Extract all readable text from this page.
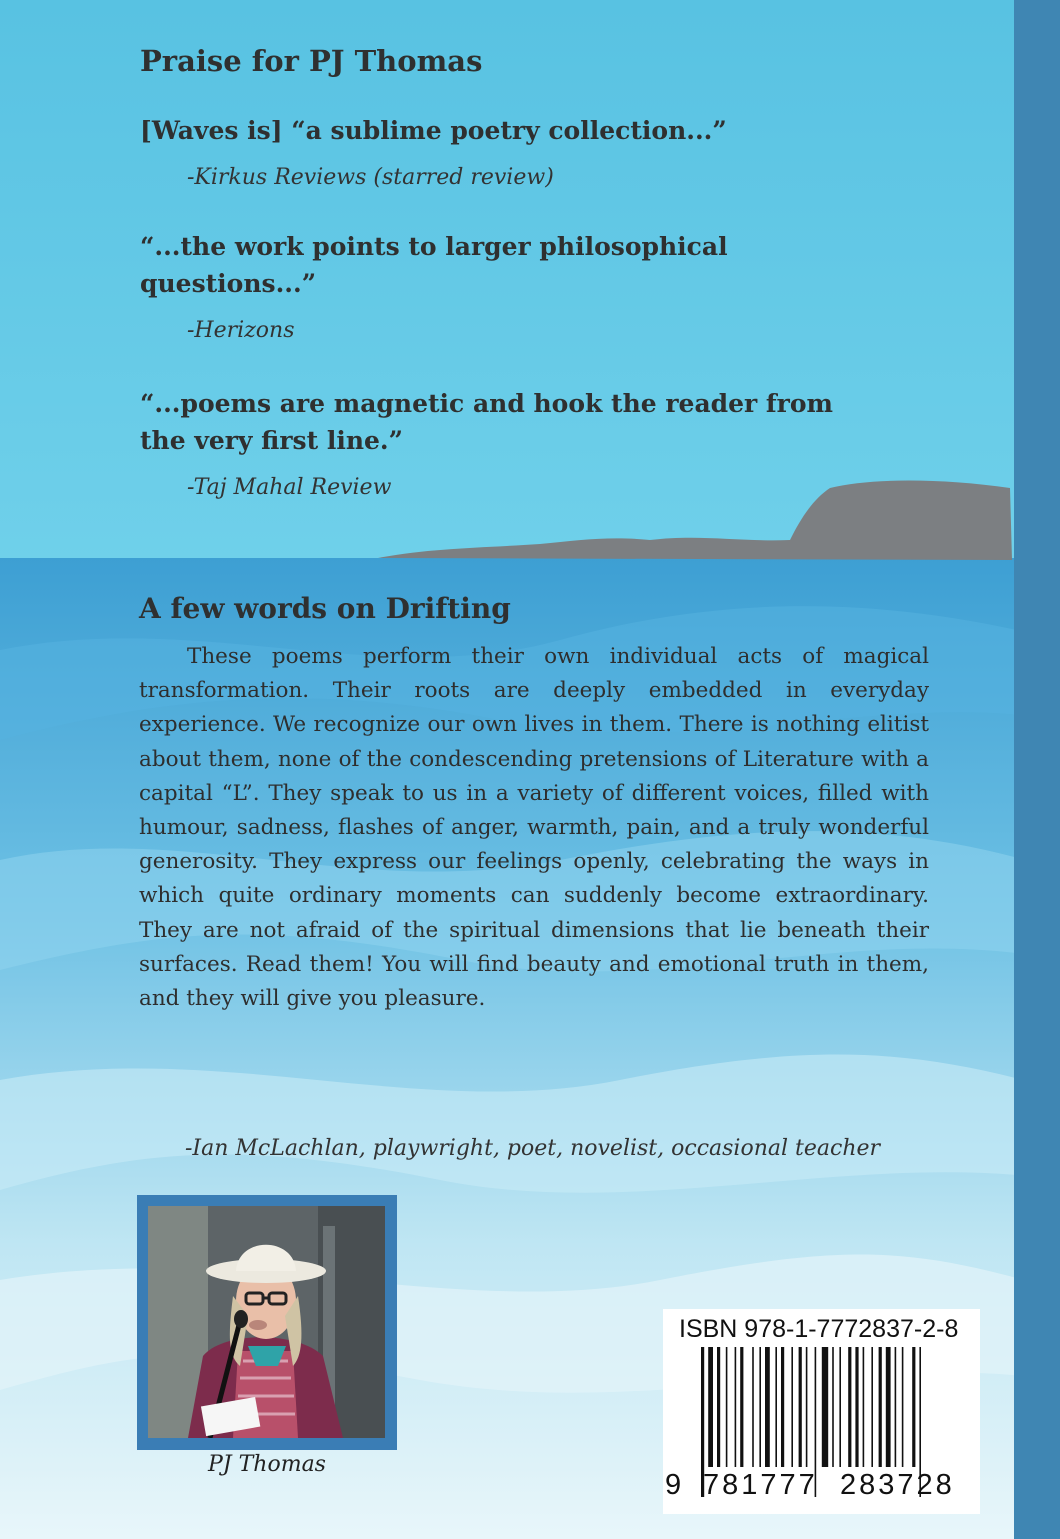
Praise for PJ Thomas

[Waves is] “a sublime poetry collection...”

-Kirkus Reviews (starred review)

“...the work points to larger philosophical

questions...”

-Herizons

“...poems are magnetic and hook the reader from

the very first line.”

-Taj Mahal Review

A few words on Drifting

These poems perform their own individual acts of magical transformation. Their roots are deeply embedded in everyday experience. We recognize our own lives in them. There is nothing elitist about them, none of the condescending pretensions of Literature with a capital “L”. They speak to us in a variety of different voices, filled with humour, sadness, flashes of anger, warmth, pain, and a truly wonderful generosity. They express our feelings openly, celebrating the ways in which quite ordinary moments can suddenly become extraordinary. They are not afraid of the spiritual dimensions that lie beneath their surfaces. Read them! You will find beauty and emotional truth in them, and they will give you pleasure.

-Ian McLachlan, playwright, poet, novelist, occasional teacher

PJ Thomas

ISBN 978-1-7772837-2-8

9 781777 283728
